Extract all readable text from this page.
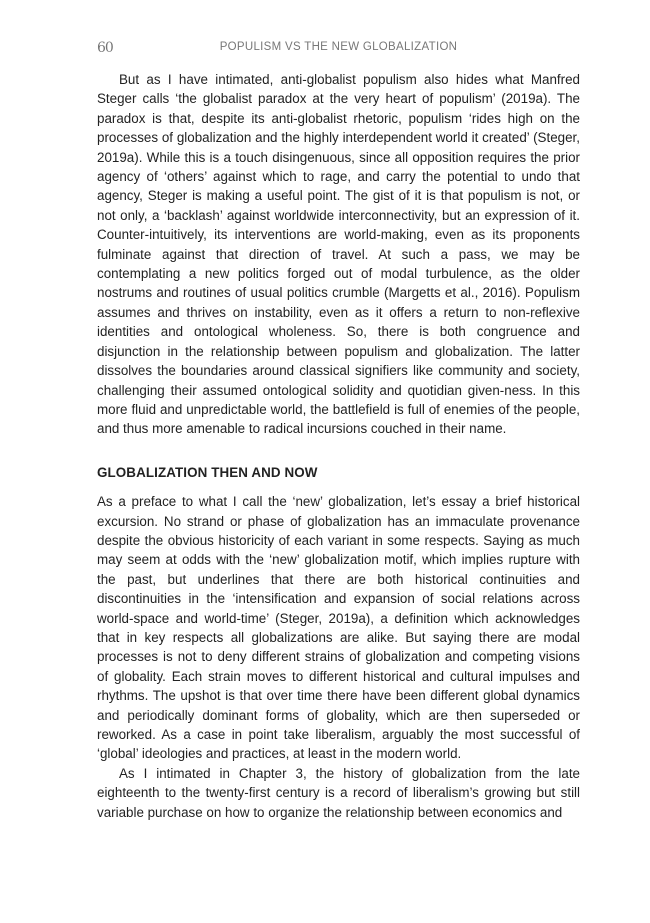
60	POPULISM VS THE NEW GLOBALIZATION

But as I have intimated, anti-globalist populism also hides what Manfred Steger calls ‘the globalist paradox at the very heart of populism’ (2019a). The paradox is that, despite its anti-globalist rhetoric, populism ‘rides high on the processes of globalization and the highly interdependent world it created’ (Steger, 2019a). While this is a touch disingenuous, since all opposition requires the prior agency of ‘others’ against which to rage, and carry the potential to undo that agency, Steger is making a useful point. The gist of it is that populism is not, or not only, a ‘backlash’ against worldwide interconnectivity, but an expression of it. Counter-intuitively, its interventions are world-making, even as its proponents fulminate against that direction of travel. At such a pass, we may be contemplating a new politics forged out of modal turbulence, as the older nostrums and routines of usual politics crumble (Margetts et al., 2016). Populism assumes and thrives on instability, even as it offers a return to non-reflexive identities and ontological wholeness. So, there is both congruence and disjunction in the relationship between populism and globalization. The latter dissolves the boundaries around classical signifiers like community and society, challenging their assumed ontological solidity and quotidian given-ness. In this more fluid and unpredictable world, the battlefield is full of enemies of the people, and thus more amenable to radical incursions couched in their name.

GLOBALIZATION THEN AND NOW

As a preface to what I call the ‘new’ globalization, let’s essay a brief historical excursion. No strand or phase of globalization has an immaculate provenance despite the obvious historicity of each variant in some respects. Saying as much may seem at odds with the ‘new’ globalization motif, which implies rupture with the past, but underlines that there are both historical continuities and discontinuities in the ‘intensification and expansion of social relations across world-space and world-time’ (Steger, 2019a), a definition which acknowledges that in key respects all globalizations are alike. But saying there are modal processes is not to deny different strains of globalization and competing visions of globality. Each strain moves to different historical and cultural impulses and rhythms. The upshot is that over time there have been different global dynamics and periodically dominant forms of globality, which are then superseded or reworked. As a case in point take liberalism, arguably the most successful of ‘global’ ideologies and practices, at least in the modern world.

As I intimated in Chapter 3, the history of globalization from the late eighteenth to the twenty-first century is a record of liberalism’s growing but still variable purchase on how to organize the relationship between economics and
